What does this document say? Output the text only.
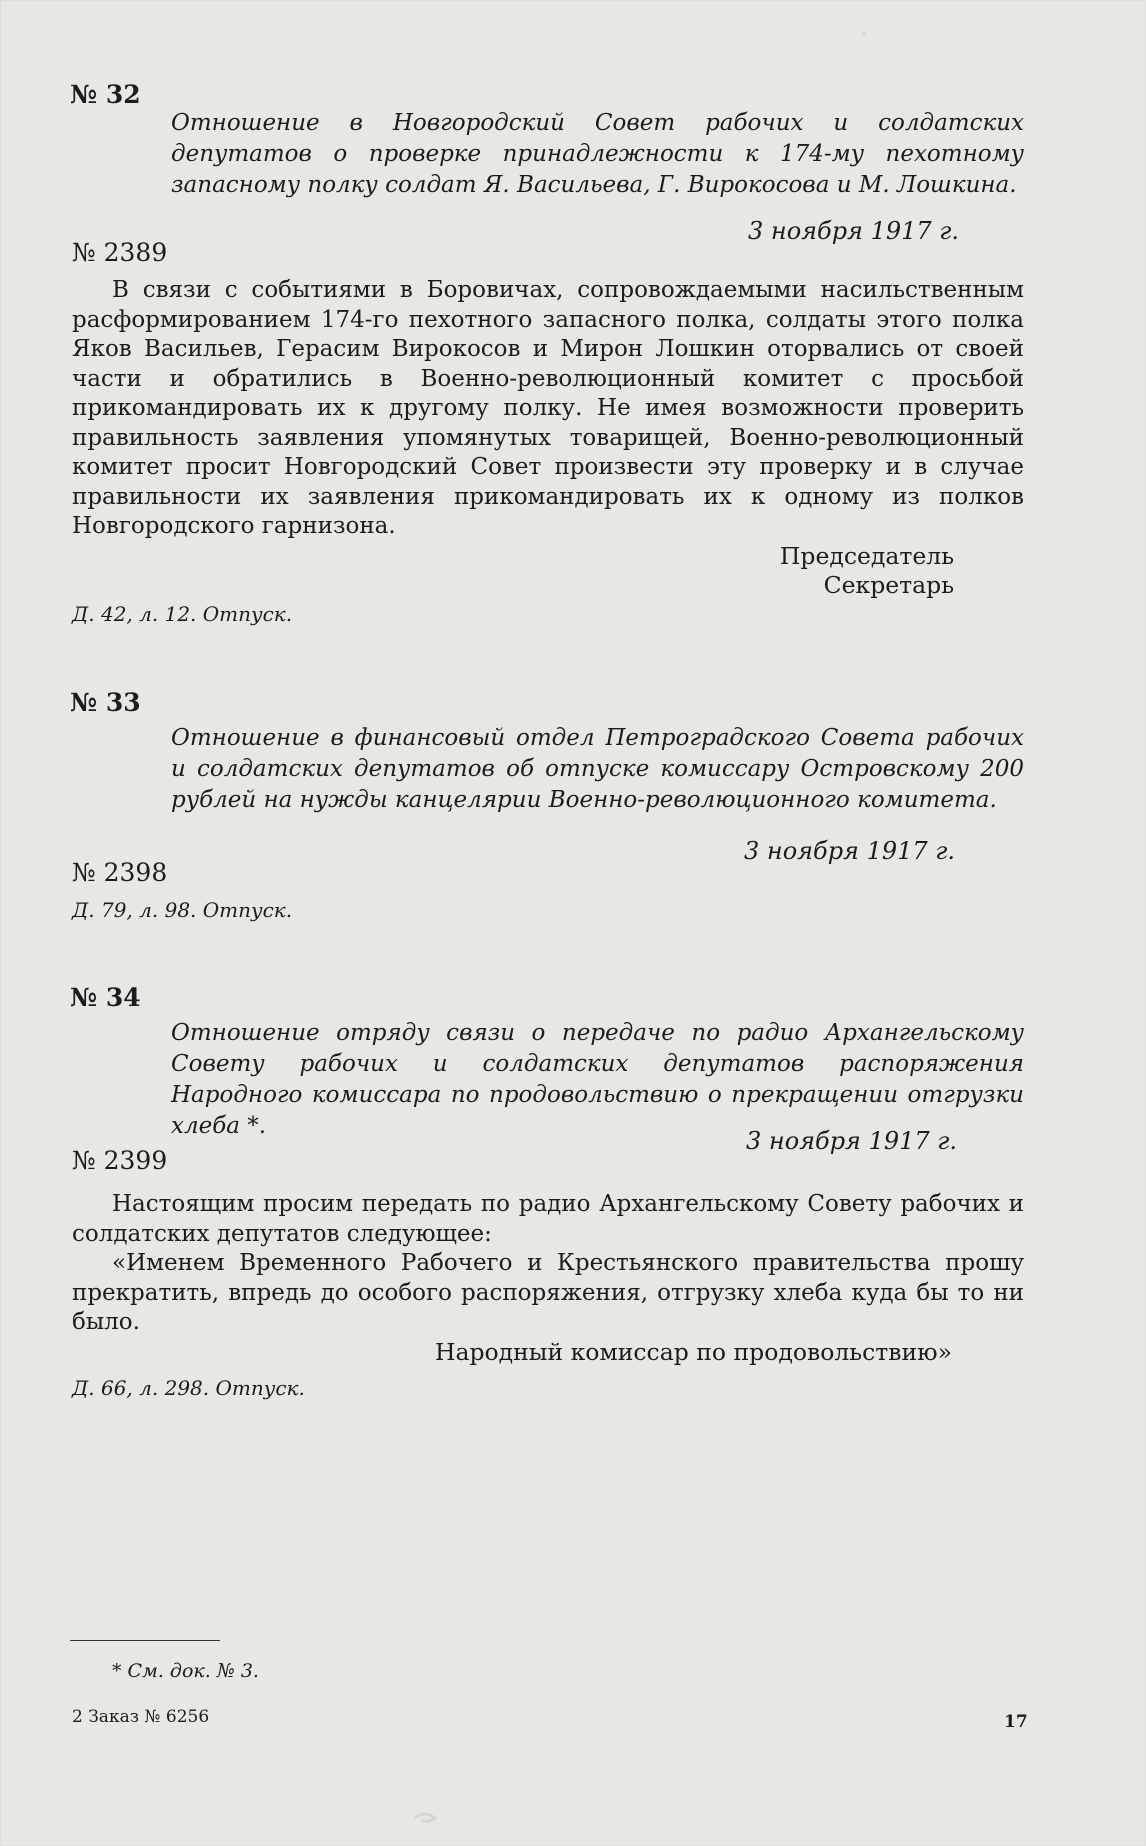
№ 32
Отношение в Новгородский Совет рабочих и солдатских депутатов о проверке принадлежности к 174-му пехотному запасному полку солдат Я. Васильева, Г. Вирокосова и М. Лошкина.
3 ноября 1917 г.
№ 2389

В связи с событиями в Боровичах, сопровождаемыми насильственным расформированием 174-го пехотного запасного полка, солдаты этого полка Яков Васильев, Герасим Вирокосов и Мирон Лошкин оторвались от своей части и обратились в Военно-революционный комитет с просьбой прикомандировать их к другому полку. Не имея возможности проверить правильность заявления упомянутых товарищей, Военно-революционный комитет просит Новгородский Совет произвести эту проверку и в случае правильности их заявления прикомандировать их к одному из полков Новгородского гарнизона.

Председатель
Секретарь
Д. 42, л. 12. Отпуск.
№ 33
Отношение в финансовый отдел Петроградского Совета рабочих и солдатских депутатов об отпуске комиссару Островскому 200 рублей на нужды канцелярии Военно-революционного комитета.
3 ноября 1917 г.
№ 2398
Д. 79, л. 98. Отпуск.
№ 34
Отношение отряду связи о передаче по радио Архангельскому Совету рабочих и солдатских депутатов распоряжения Народного комиссара по продовольствию о прекращении отгрузки хлеба *.
3 ноября 1917 г.
№ 2399

Настоящим просим передать по радио Архангельскому Совету рабочих и солдатских депутатов следующее:

«Именем Временного Рабочего и Крестьянского правительства прошу прекратить, впредь до особого распоряжения, отгрузку хлеба куда бы то ни было.

Народный комиссар по продовольствию»
Д. 66, л. 298. Отпуск.
* См. док. № 3.
2 Заказ № 6256	17
